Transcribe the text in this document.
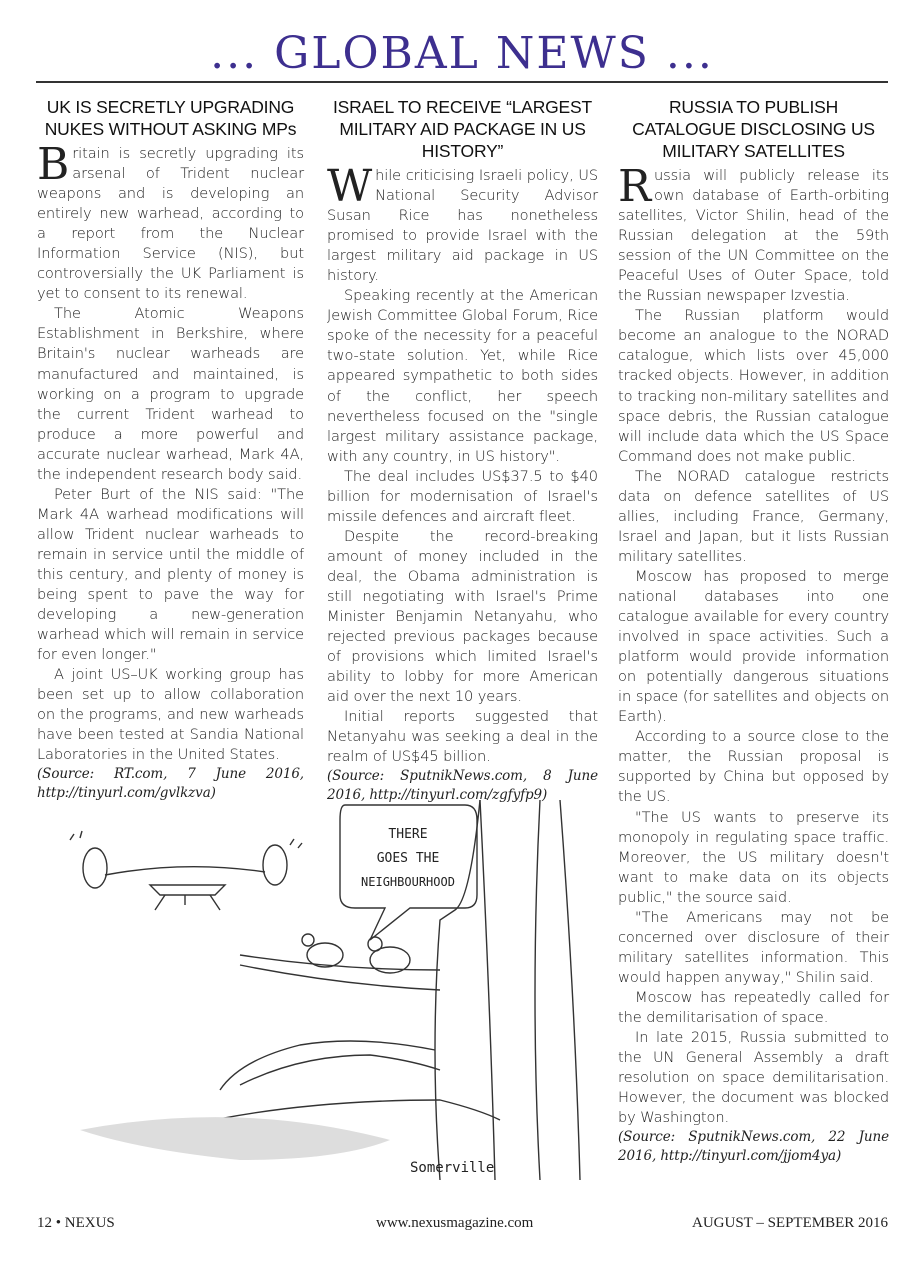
... GLOBAL NEWS ...
UK IS SECRETLY UPGRADING NUKES WITHOUT ASKING MPs

Britain is secretly upgrading its arsenal of Trident nuclear weapons and is developing an entirely new warhead, according to a report from the Nuclear Information Service (NIS), but controversially the UK Parliament is yet to consent to its renewal.

The Atomic Weapons Establishment in Berkshire, where Britain's nuclear warheads are manufactured and maintained, is working on a program to upgrade the current Trident warhead to produce a more powerful and accurate nuclear warhead, Mark 4A, the independent research body said.

Peter Burt of the NIS said: "The Mark 4A warhead modifications will allow Trident nuclear warheads to remain in service until the middle of this century, and plenty of money is being spent to pave the way for developing a new-generation warhead which will remain in service for even longer."

A joint US–UK working group has been set up to allow collaboration on the programs, and new warheads have been tested at Sandia National Laboratories in the United States.

(Source: RT.com, 7 June 2016, http://tinyurl.com/gvlkzva)

ISRAEL TO RECEIVE “LARGEST MILITARY AID PACKAGE IN US HISTORY”

While criticising Israeli policy, US National Security Advisor Susan Rice has nonetheless promised to provide Israel with the largest military aid package in US history.

Speaking recently at the American Jewish Committee Global Forum, Rice spoke of the necessity for a peaceful two-state solution. Yet, while Rice appeared sympathetic to both sides of the conflict, her speech nevertheless focused on the "single largest military assistance package, with any country, in US history".

The deal includes US$37.5 to $40 billion for modernisation of Israel's missile defences and aircraft fleet.

Despite the record-breaking amount of money included in the deal, the Obama administration is still negotiating with Israel's Prime Minister Benjamin Netanyahu, who rejected previous packages because of provisions which limited Israel's ability to lobby for more American aid over the next 10 years.

Initial reports suggested that Netanyahu was seeking a deal in the realm of US$45 billion.

(Source: SputnikNews.com, 8 June 2016, http://tinyurl.com/zgfyfp9)

RUSSIA TO PUBLISH CATALOGUE DISCLOSING US MILITARY SATELLITES

Russia will publicly release its own database of Earth-orbiting satellites, Victor Shilin, head of the Russian delegation at the 59th session of the UN Committee on the Peaceful Uses of Outer Space, told the Russian newspaper Izvestia.

The Russian platform would become an analogue to the NORAD catalogue, which lists over 45,000 tracked objects. However, in addition to tracking non-military satellites and space debris, the Russian catalogue will include data which the US Space Command does not make public.

The NORAD catalogue restricts data on defence satellites of US allies, including France, Germany, Israel and Japan, but it lists Russian military satellites.

Moscow has proposed to merge national databases into one catalogue available for every country involved in space activities. Such a platform would provide information on potentially dangerous situations in space (for satellites and objects on Earth).

According to a source close to the matter, the Russian proposal is supported by China but opposed by the US.

"The US wants to preserve its monopoly in regulating space traffic. Moreover, the US military doesn't want to make data on its objects public," the source said.

"The Americans may not be concerned over disclosure of their military satellites information. This would happen anyway," Shilin said.

Moscow has repeatedly called for the demilitarisation of space.

In late 2015, Russia submitted to the UN General Assembly a draft resolution on space demilitarisation. However, the document was blocked by Washington.

(Source: SputnikNews.com, 22 June 2016, http://tinyurl.com/jjom4ya)

THERE
GOES THE
NEIGHBOURHOOD
Somerville
12 • NEXUS	www.nexusmagazine.com	AUGUST – SEPTEMBER 2016
